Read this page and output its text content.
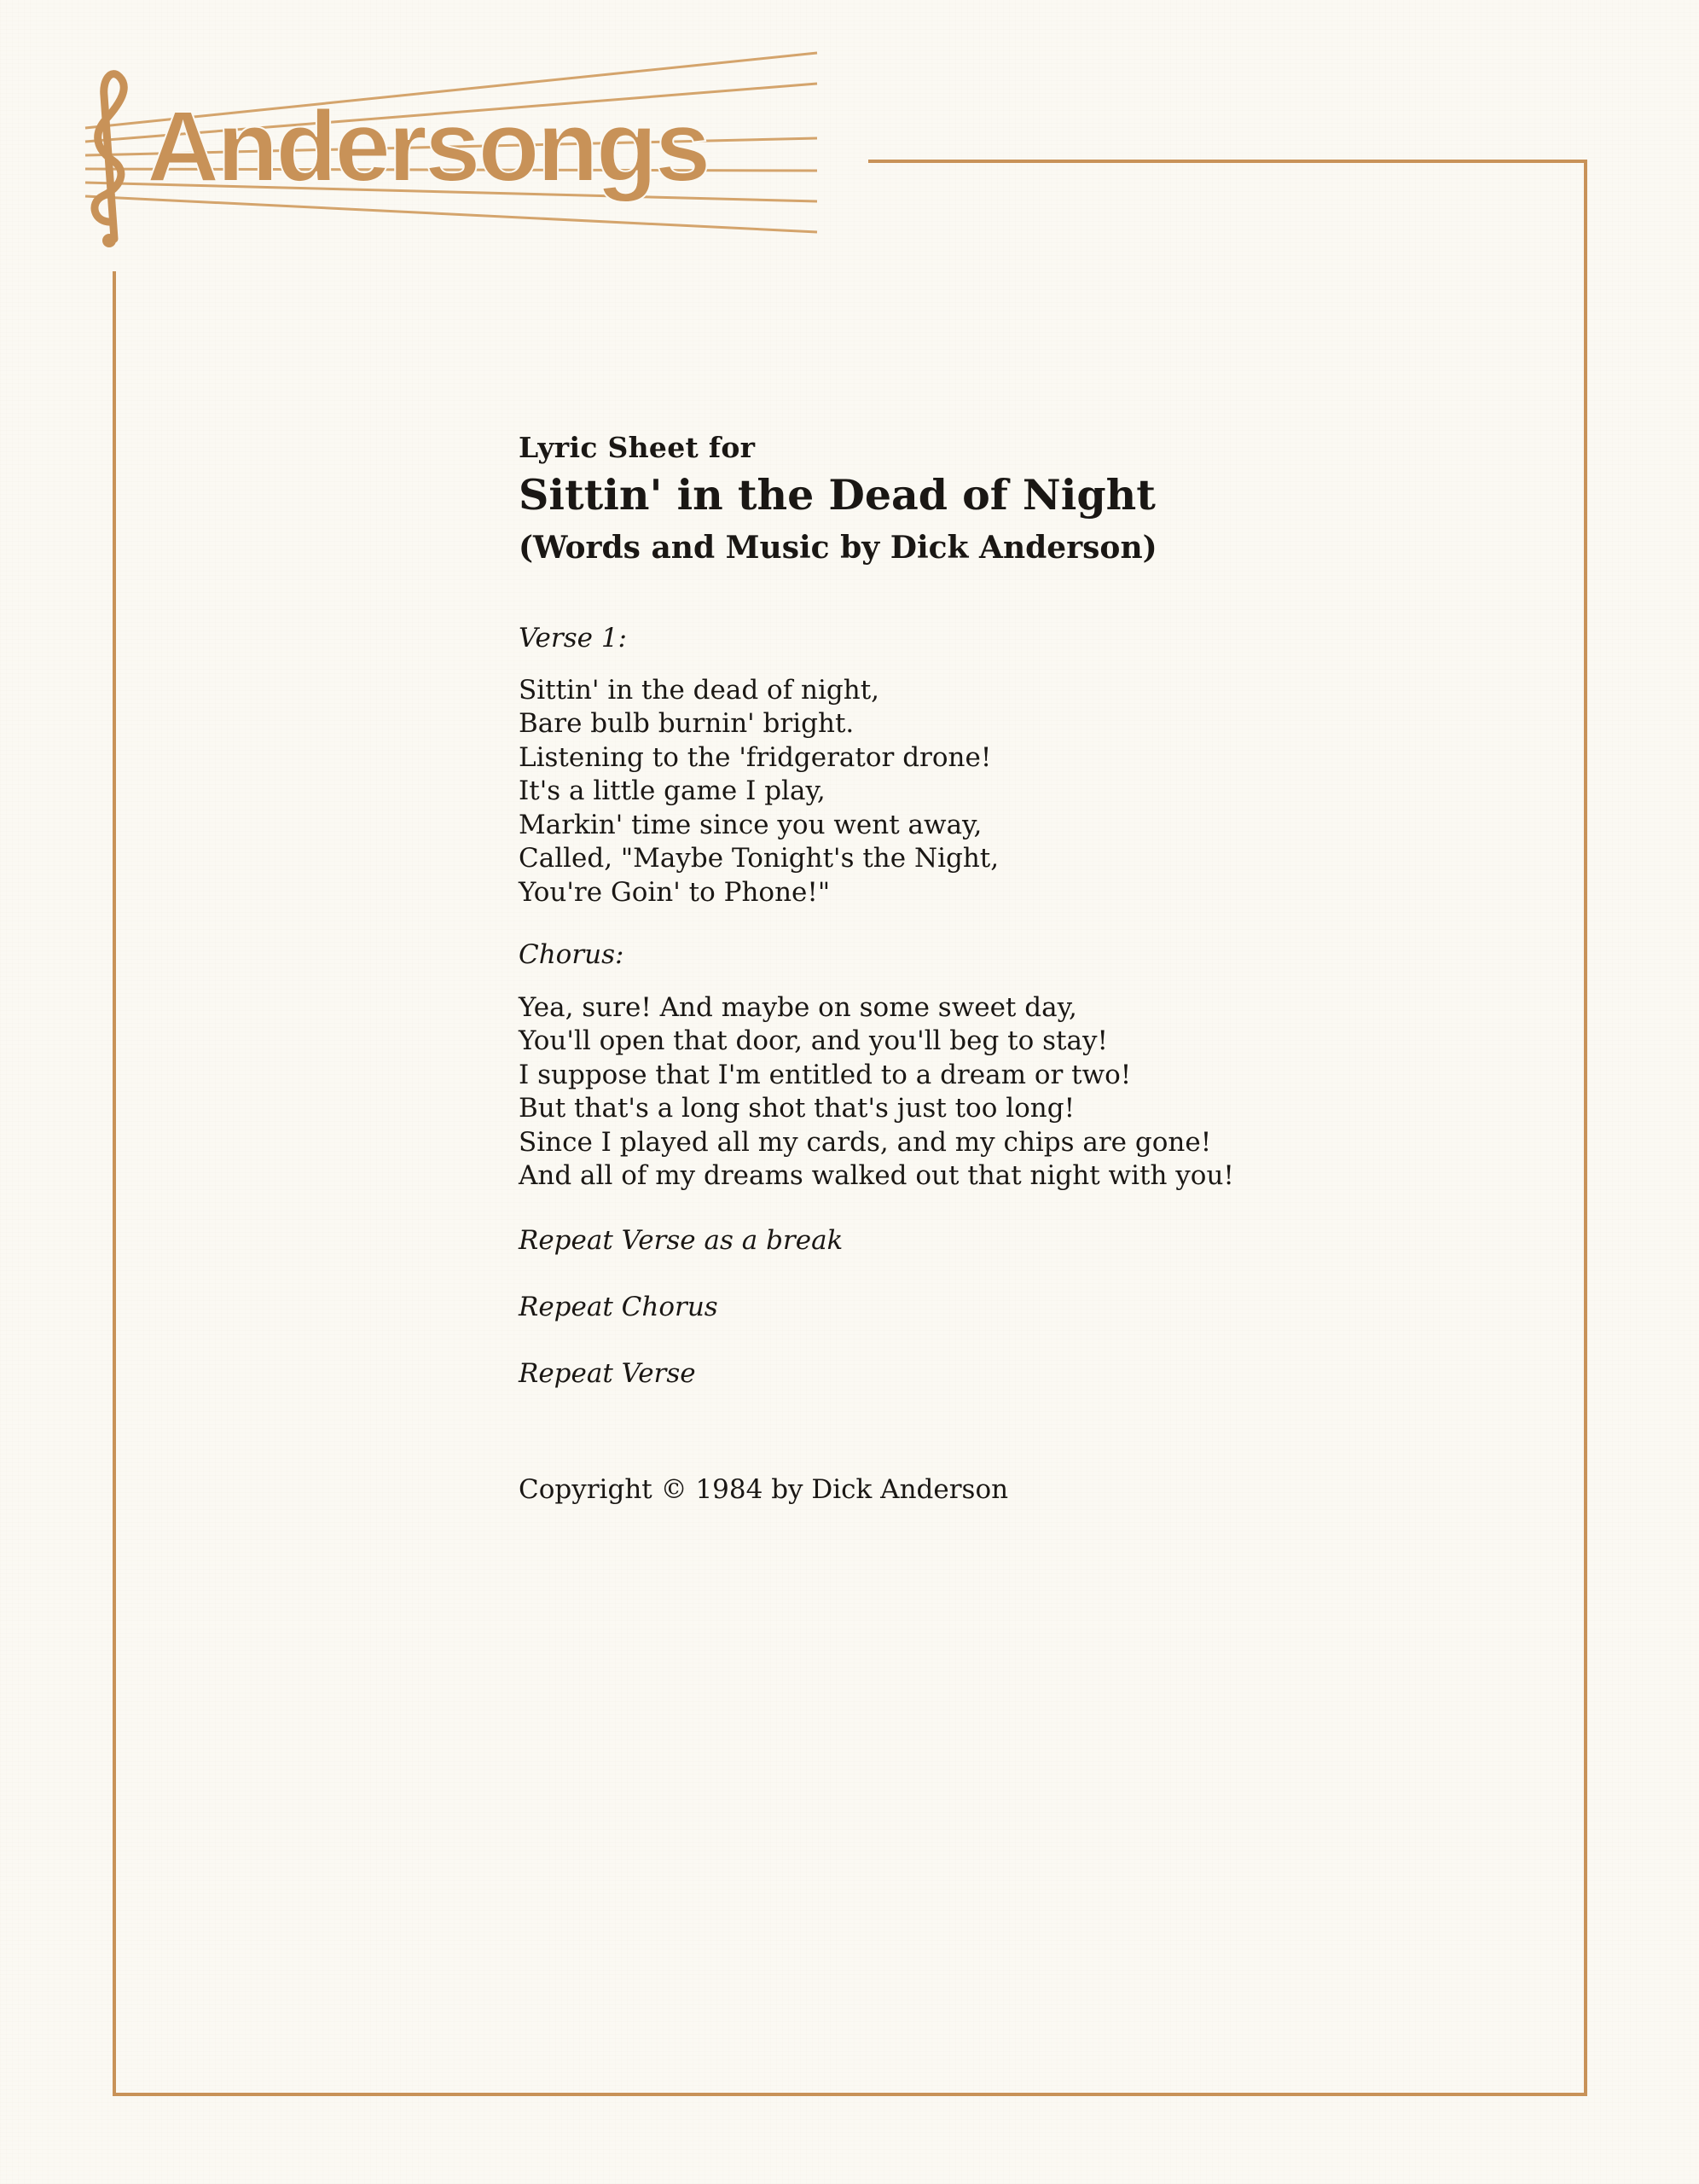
Andersongs

Lyric Sheet for

Sittin' in the Dead of Night

(Words and Music by Dick Anderson)

Verse 1:

Sittin' in the dead of night,
Bare bulb burnin' bright.
Listening to the 'fridgerator drone!
It's a little game I play,
Markin' time since you went away,
Called, "Maybe Tonight's the Night,
You're Goin' to Phone!"

Chorus:

Yea, sure! And maybe on some sweet day,
You'll open that door, and you'll beg to stay!
I suppose that I'm entitled to a dream or two!
But that's a long shot that's just too long!
Since I played all my cards, and my chips are gone!
And all of my dreams walked out that night with you!

Repeat Verse as a break

Repeat Chorus

Repeat Verse

Copyright © 1984 by Dick Anderson
